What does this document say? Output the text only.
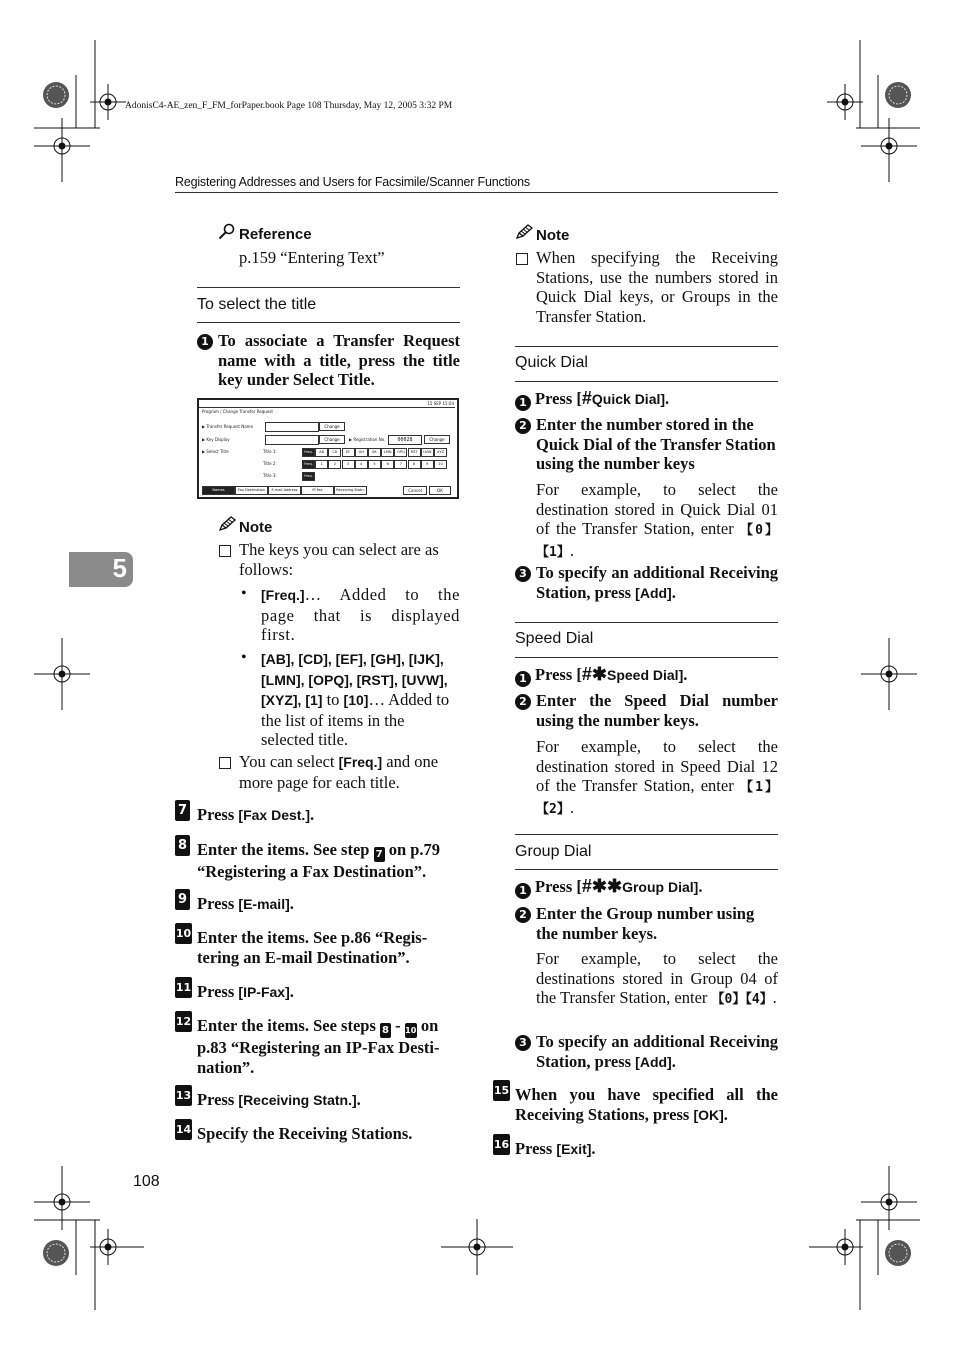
AdonisC4-AE_zen_F_FM_forPaper.book Page 108 Thursday, May 12, 2005 3:32 PM
Registering Addresses and Users for Facsimile/Scanner Functions
5
108
Reference
p.159 “Entering Text”
To select the title
1 To associate a Transfer Request name with a title, press the title key under Select Title.
Program / Change Transfer Request
15 SEP 15:04
▶ Transfer Request Name	Change
▶ Key Display	Change	▶ Registration No.	00028	Change
▶ Select Title	Title 1:
Title 2:
Title 3:
Freq.	AB	CD	EF	GH	IJK	LMN	OPQ	RST	UVW	XYZ
Freq.	1	2	3	4	5	6	7	8	9	10
Freq.
Names	Fax Destination	E-mail Address	IP-Fax	Receiving Statn.	Cancel	OK
Note
The keys you can select are as follows:
• [Freq.]… Added to the page that is displayed first.
• [AB], [CD], [EF], [GH], [IJK], [LMN], [OPQ], [RST], [UVW], [XYZ], [1] to [10]… Added to the list of items in the selected title.
You can select [Freq.] and one more page for each title.
7 Press [Fax Dest.].
8 Enter the items. See step 7 on p.79
“Registering a Fax Destination”.
9 Press [E-mail].
10 Enter the items. See p.86 “Regis-
tering an E-mail Destination”.
11 Press [IP-Fax].
12 Enter the items. See steps 8 - 10 on
p.83 “Registering an IP-Fax Desti-
nation”.
13 Press [Receiving Statn.].
14 Specify the Receiving Stations.
Note
When specifying the Receiving Stations, use the numbers stored in Quick Dial keys, or Groups in the Transfer Station.
Quick Dial
1 Press [#Quick Dial].
2 Enter the number stored in the Quick Dial of the Transfer Station using the number keys
For example, to select the destination stored in Quick Dial 01 of the Transfer Station, enter 【0】【1】.
3 To specify an additional Receiving Station, press [Add].
Speed Dial
1 Press [#✱Speed Dial].
2 Enter the Speed Dial number using the number keys.
For example, to select the destination stored in Speed Dial 12 of the Transfer Station, enter 【1】【2】.
Group Dial
1 Press [#✱✱Group Dial].
2 Enter the Group number using the number keys.
For example, to select the destinations stored in Group 04 of the Transfer Station, enter 【0】【4】.
3 To specify an additional Receiving Station, press [Add].
15 When you have specified all the Receiving Stations, press [OK].
16 Press [Exit].
